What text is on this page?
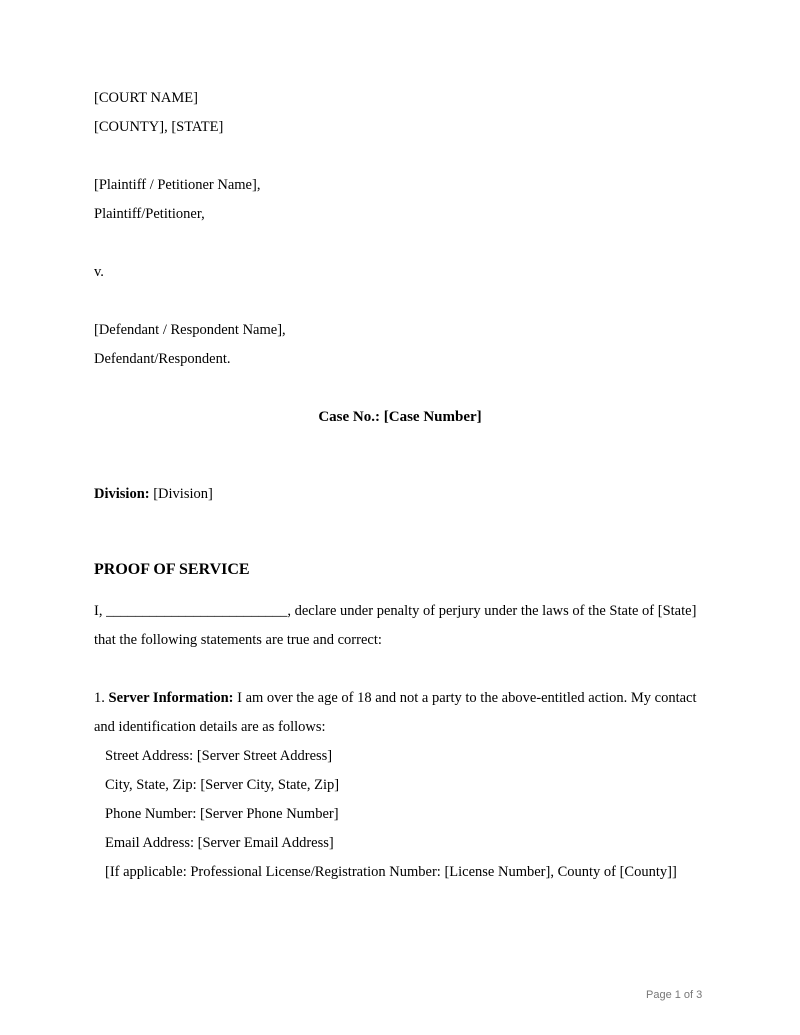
[COURT NAME]
[COUNTY], [STATE]
[Plaintiff / Petitioner Name],
Plaintiff/Petitioner,
v.
[Defendant / Respondent Name],
Defendant/Respondent.
Case No.: [Case Number]
Division: [Division]
PROOF OF SERVICE
I, _________________________, declare under penalty of perjury under the laws of the State of [State]
that the following statements are true and correct:
1. Server Information: I am over the age of 18 and not a party to the above-entitled action. My contact
and identification details are as follows:
Street Address: [Server Street Address]
City, State, Zip: [Server City, State, Zip]
Phone Number: [Server Phone Number]
Email Address: [Server Email Address]
[If applicable: Professional License/Registration Number: [License Number], County of [County]]
Page 1 of 3
